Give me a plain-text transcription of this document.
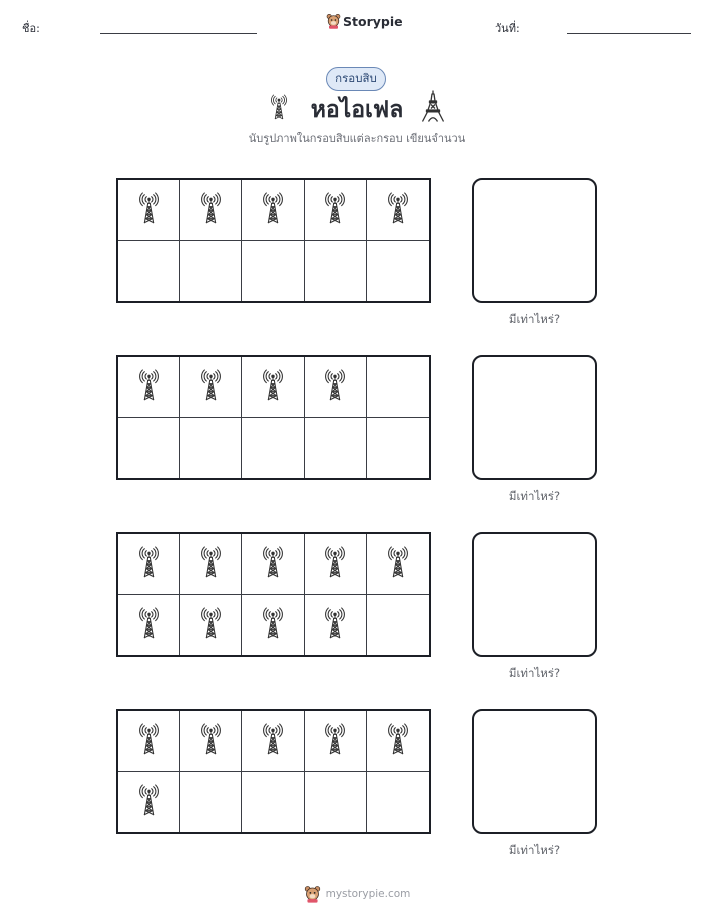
ชื่อ:	Storypie	วันที่:
กรอบสิบ
หอไอเฟล
นับรูปภาพในกรอบสิบแต่ละกรอบ เขียนจำนวน
มีเท่าไหร่?
มีเท่าไหร่?
มีเท่าไหร่?
มีเท่าไหร่?
mystorypie.com
